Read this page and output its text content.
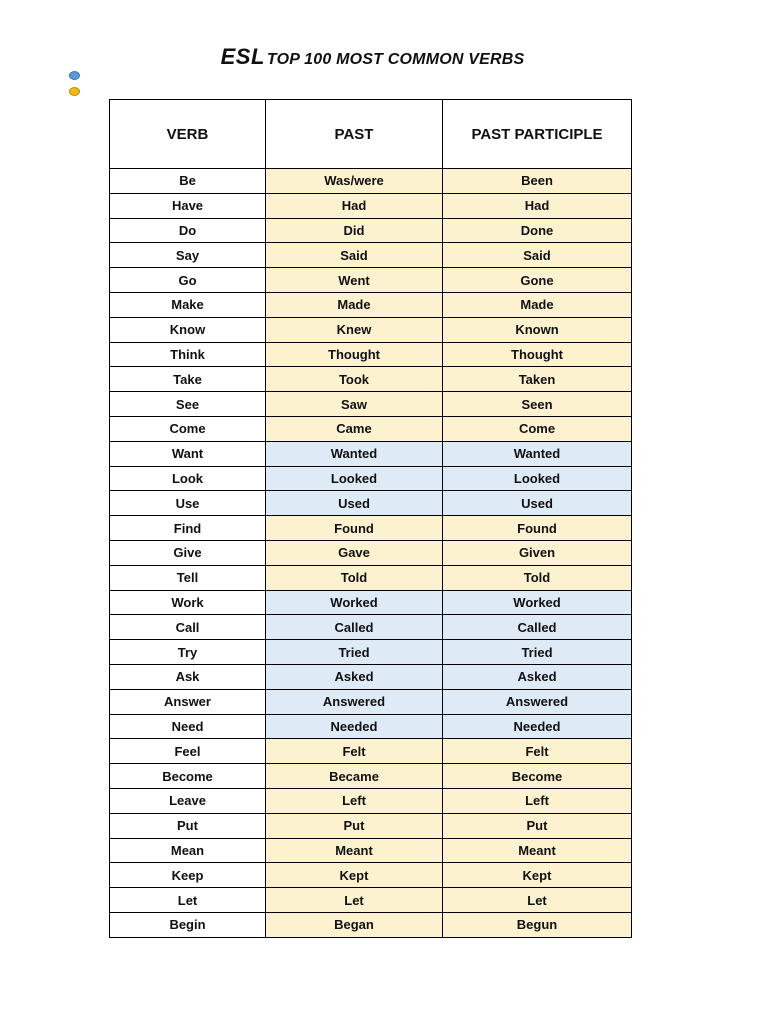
ESL TOP 100 MOST COMMON VERBS
VERB	PAST	PAST PARTICIPLE
Be	Was/were	Been
Have	Had	Had
Do	Did	Done
Say	Said	Said
Go	Went	Gone
Make	Made	Made
Know	Knew	Known
Think	Thought	Thought
Take	Took	Taken
See	Saw	Seen
Come	Came	Come
Want	Wanted	Wanted
Look	Looked	Looked
Use	Used	Used
Find	Found	Found
Give	Gave	Given
Tell	Told	Told
Work	Worked	Worked
Call	Called	Called
Try	Tried	Tried
Ask	Asked	Asked
Answer	Answered	Answered
Need	Needed	Needed
Feel	Felt	Felt
Become	Became	Become
Leave	Left	Left
Put	Put	Put
Mean	Meant	Meant
Keep	Kept	Kept
Let	Let	Let
Begin	Began	Begun
